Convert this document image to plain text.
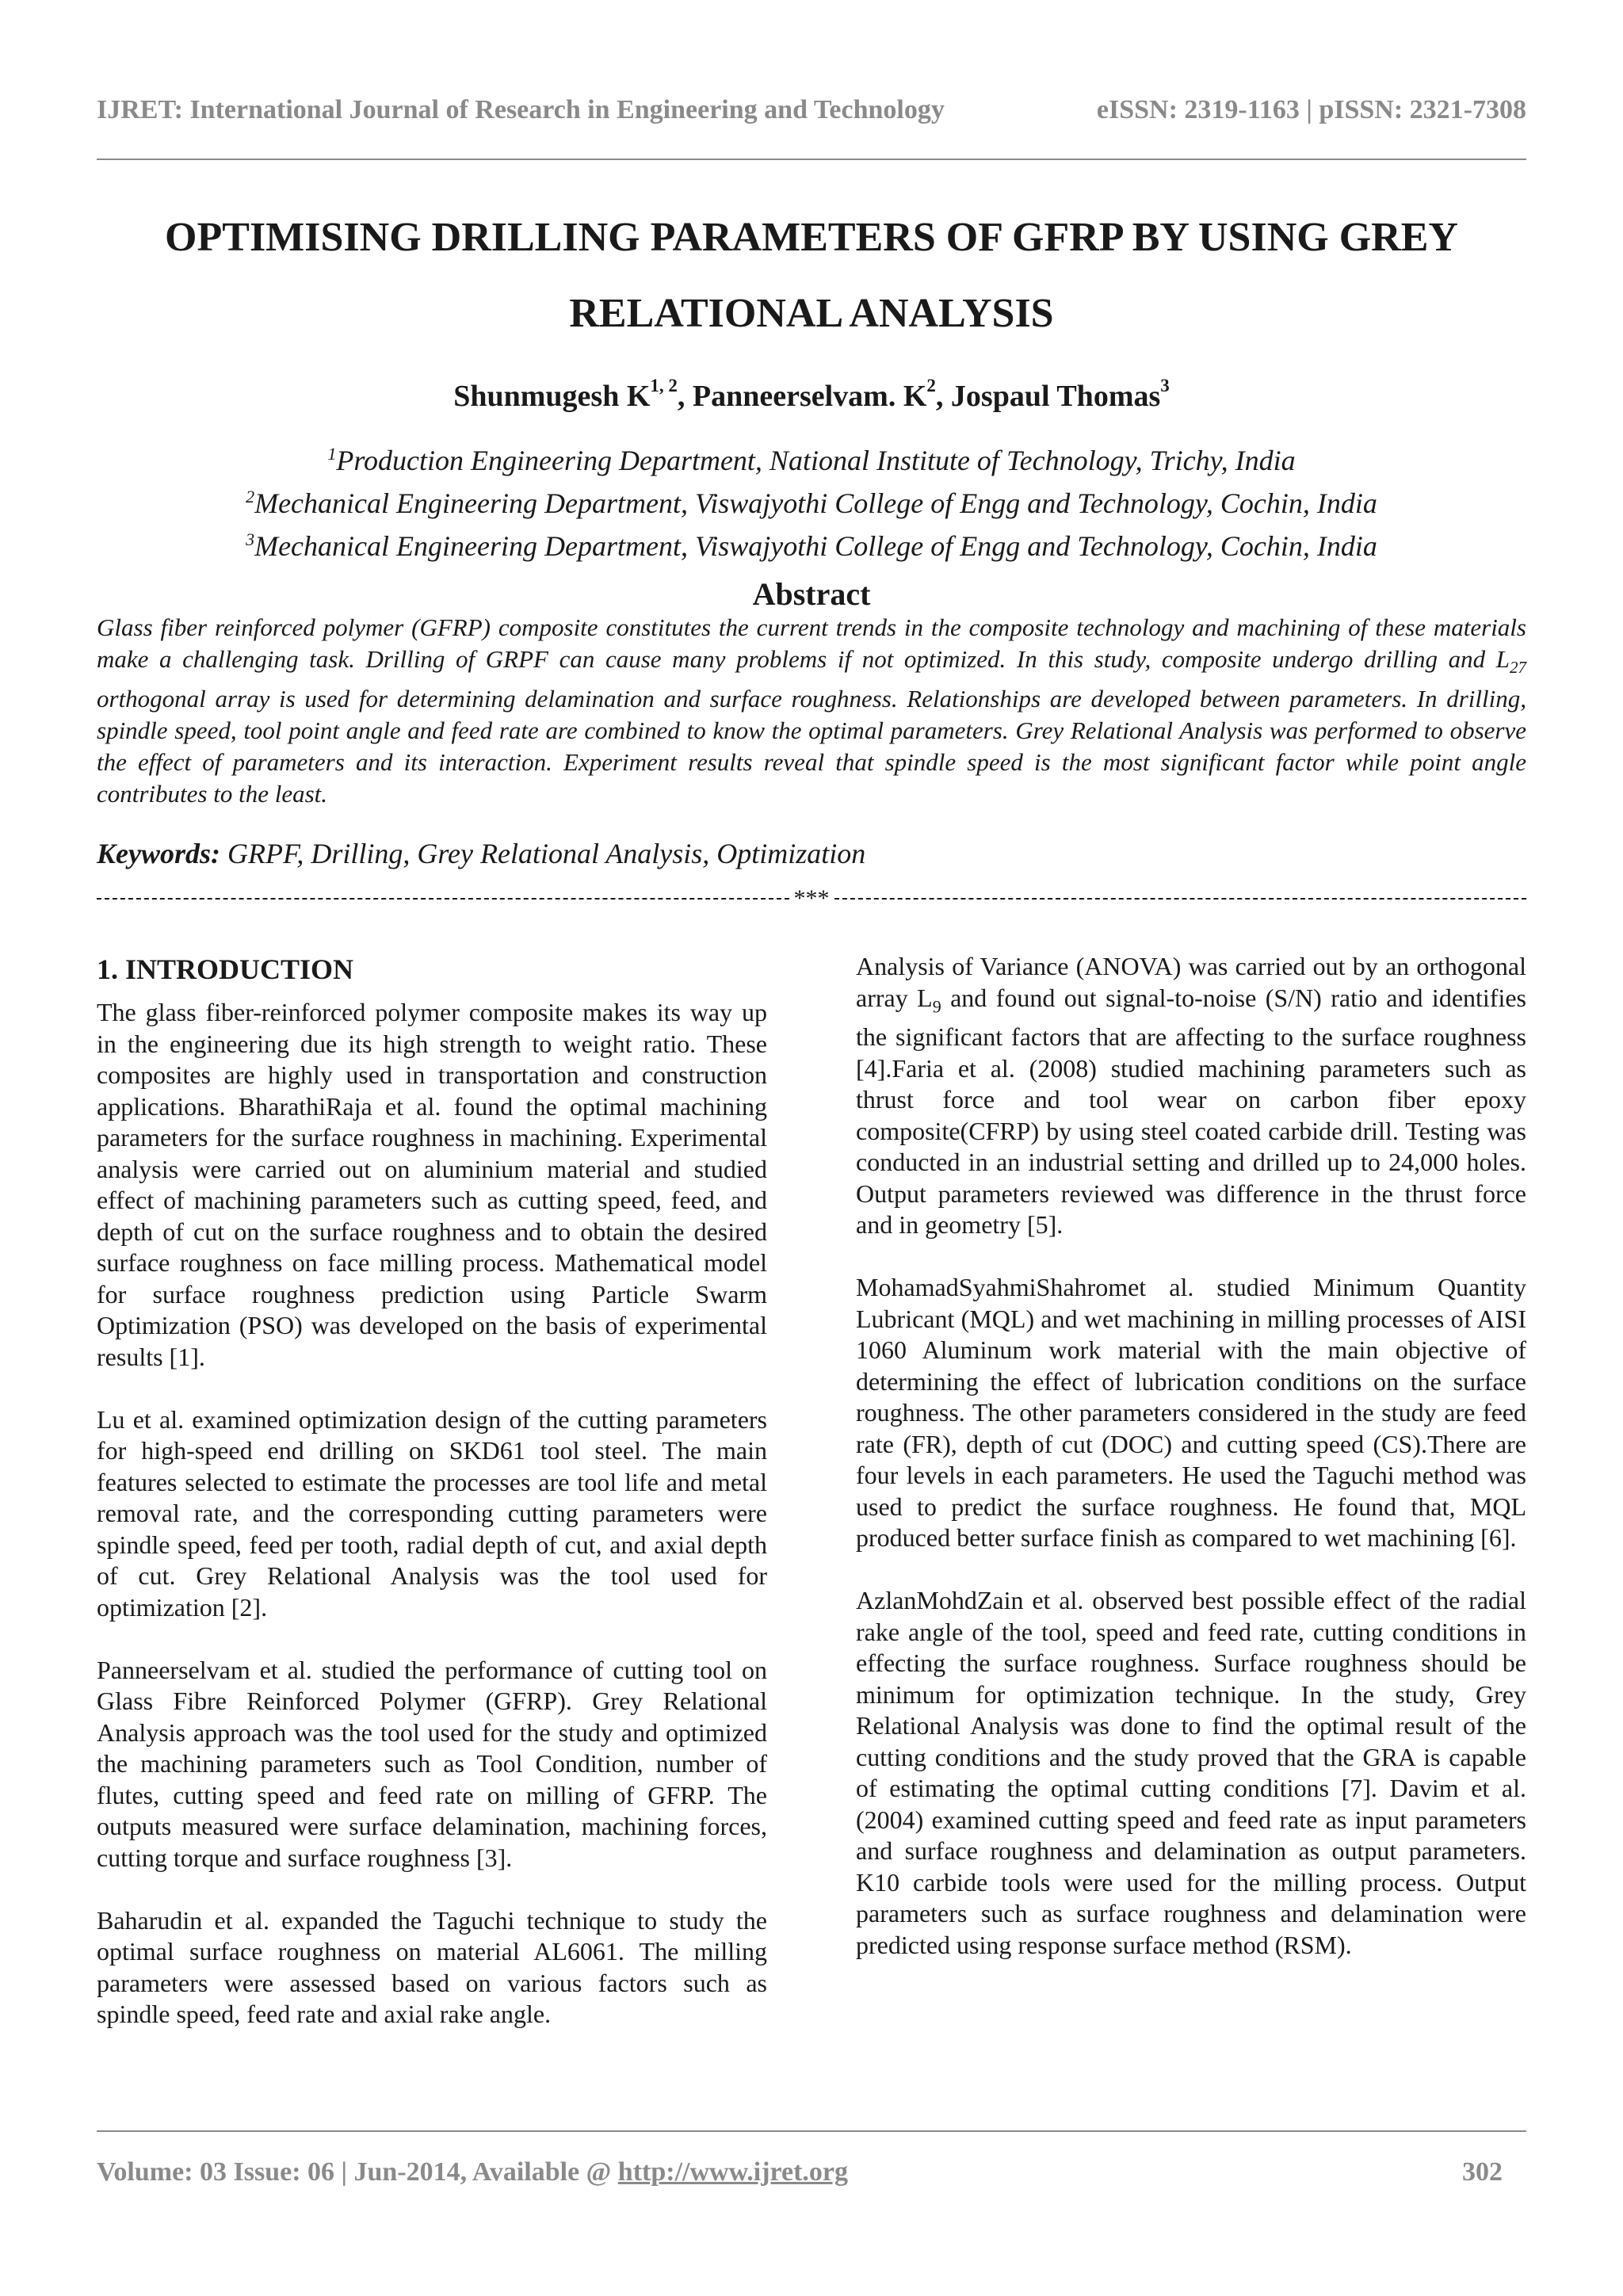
IJRET: International Journal of Research in Engineering and Technology	eISSN: 2319-1163 | pISSN: 2321-7308
OPTIMISING DRILLING PARAMETERS OF GFRP BY USING GREY
RELATIONAL ANALYSIS
Shunmugesh K$^{1, 2}$, Panneerselvam. $K^2$, Jospaul Thomas$^3$
$^1$Production Engineering Department, National Institute of Technology, Trichy, India
$^2$Mechanical Engineering Department, Viswajyothi College of Engg and Technology, Cochin, India
$^3$Mechanical Engineering Department, Viswajyothi College of Engg and Technology, Cochin, India
Abstract
Glass fiber reinforced polymer (GFRP) composite constitutes the current trends in the composite technology and machining of these materials make a challenging task. Drilling of GRPF can cause many problems if not optimized. In this study, composite undergo drilling and $L_{27}$ orthogonal array is used for determining delamination and surface roughness. Relationships are developed between parameters. In drilling, spindle speed, tool point angle and feed rate are combined to know the optimal parameters. Grey Relational Analysis was performed to observe the effect of parameters and its interaction. Experiment results reveal that spindle speed is the most significant factor while point angle contributes to the least.
Keywords: GRPF, Drilling, Grey Relational Analysis, Optimization
***
1. INTRODUCTION

The glass fiber-reinforced polymer composite makes its way up in the engineering due its high strength to weight ratio. These composites are highly used in transportation and construction applications. BharathiRaja et al. found the optimal machining parameters for the surface roughness in machining. Experimental analysis were carried out on aluminium material and studied effect of machining parameters such as cutting speed, feed, and depth of cut on the surface roughness and to obtain the desired surface roughness on face milling process. Mathematical model for surface roughness prediction using Particle Swarm Optimization (PSO) was developed on the basis of experimental results [1].

Lu et al. examined optimization design of the cutting parameters for high-speed end drilling on SKD61 tool steel. The main features selected to estimate the processes are tool life and metal removal rate, and the corresponding cutting parameters were spindle speed, feed per tooth, radial depth of cut, and axial depth of cut. Grey Relational Analysis was the tool used for optimization [2].

Panneerselvam et al. studied the performance of cutting tool on Glass Fibre Reinforced Polymer (GFRP). Grey Relational Analysis approach was the tool used for the study and optimized the machining parameters such as Tool Condition, number of flutes, cutting speed and feed rate on milling of GFRP. The outputs measured were surface delamination, machining forces, cutting torque and surface roughness [3].

Baharudin et al. expanded the Taguchi technique to study the optimal surface roughness on material AL6061. The milling parameters were assessed based on various factors such as spindle speed, feed rate and axial rake angle.

Analysis of Variance (ANOVA) was carried out by an orthogonal array $L_9$ and found out signal-to-noise (S/N) ratio and identifies the significant factors that are affecting to the surface roughness [4].Faria et al. (2008) studied machining parameters such as thrust force and tool wear on carbon fiber epoxy composite(CFRP) by using steel coated carbide drill. Testing was conducted in an industrial setting and drilled up to 24,000 holes. Output parameters reviewed was difference in the thrust force and in geometry [5].

MohamadSyahmiShahromet al. studied Minimum Quantity Lubricant (MQL) and wet machining in milling processes of AISI 1060 Aluminum work material with the main objective of determining the effect of lubrication conditions on the surface roughness. The other parameters considered in the study are feed rate (FR), depth of cut (DOC) and cutting speed (CS).There are four levels in each parameters. He used the Taguchi method was used to predict the surface roughness. He found that, MQL produced better surface finish as compared to wet machining [6].

AzlanMohdZain et al. observed best possible effect of the radial rake angle of the tool, speed and feed rate, cutting conditions in effecting the surface roughness. Surface roughness should be minimum for optimization technique. In the study, Grey Relational Analysis was done to find the optimal result of the cutting conditions and the study proved that the GRA is capable of estimating the optimal cutting conditions [7]. Davim et al. (2004) examined cutting speed and feed rate as input parameters and surface roughness and delamination as output parameters. K10 carbide tools were used for the milling process. Output parameters such as surface roughness and delamination were predicted using response surface method (RSM).

Volume: 03 Issue: 06 | Jun-2014, Available @ http://www.ijret.org	302
